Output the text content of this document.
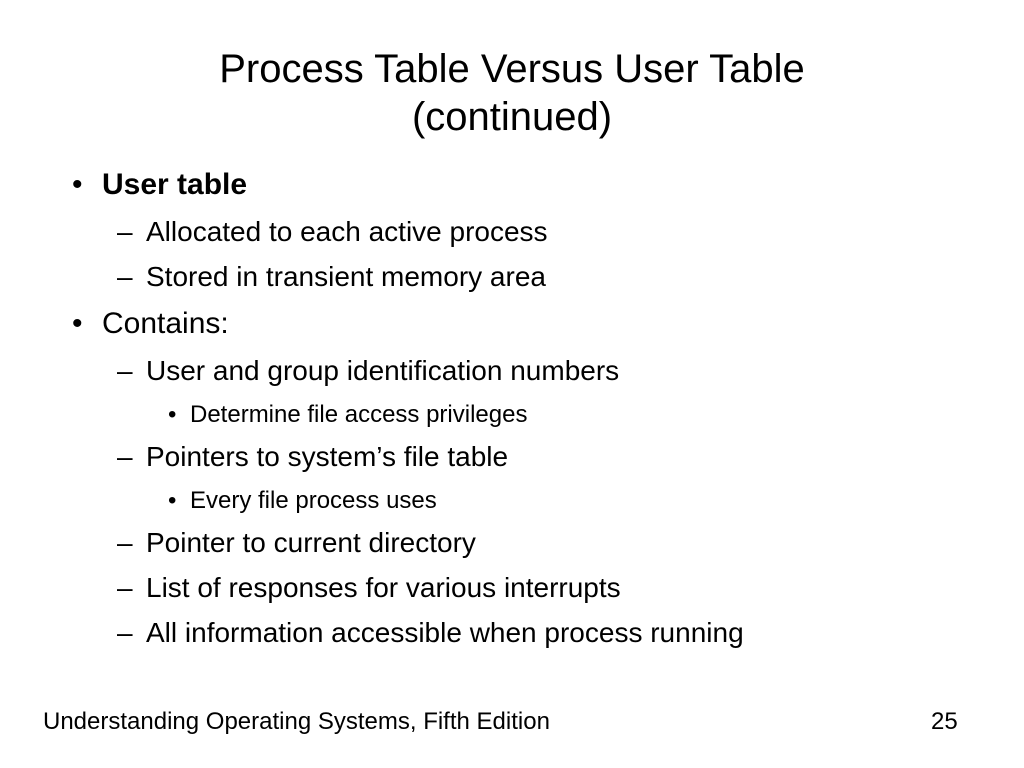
Process Table Versus User Table
(continued)
• User table
– Allocated to each active process
– Stored in transient memory area
• Contains:
– User and group identification numbers
• Determine file access privileges
– Pointers to system’s file table
• Every file process uses
– Pointer to current directory
– List of responses for various interrupts
– All information accessible when process running
Understanding Operating Systems, Fifth Edition	25
